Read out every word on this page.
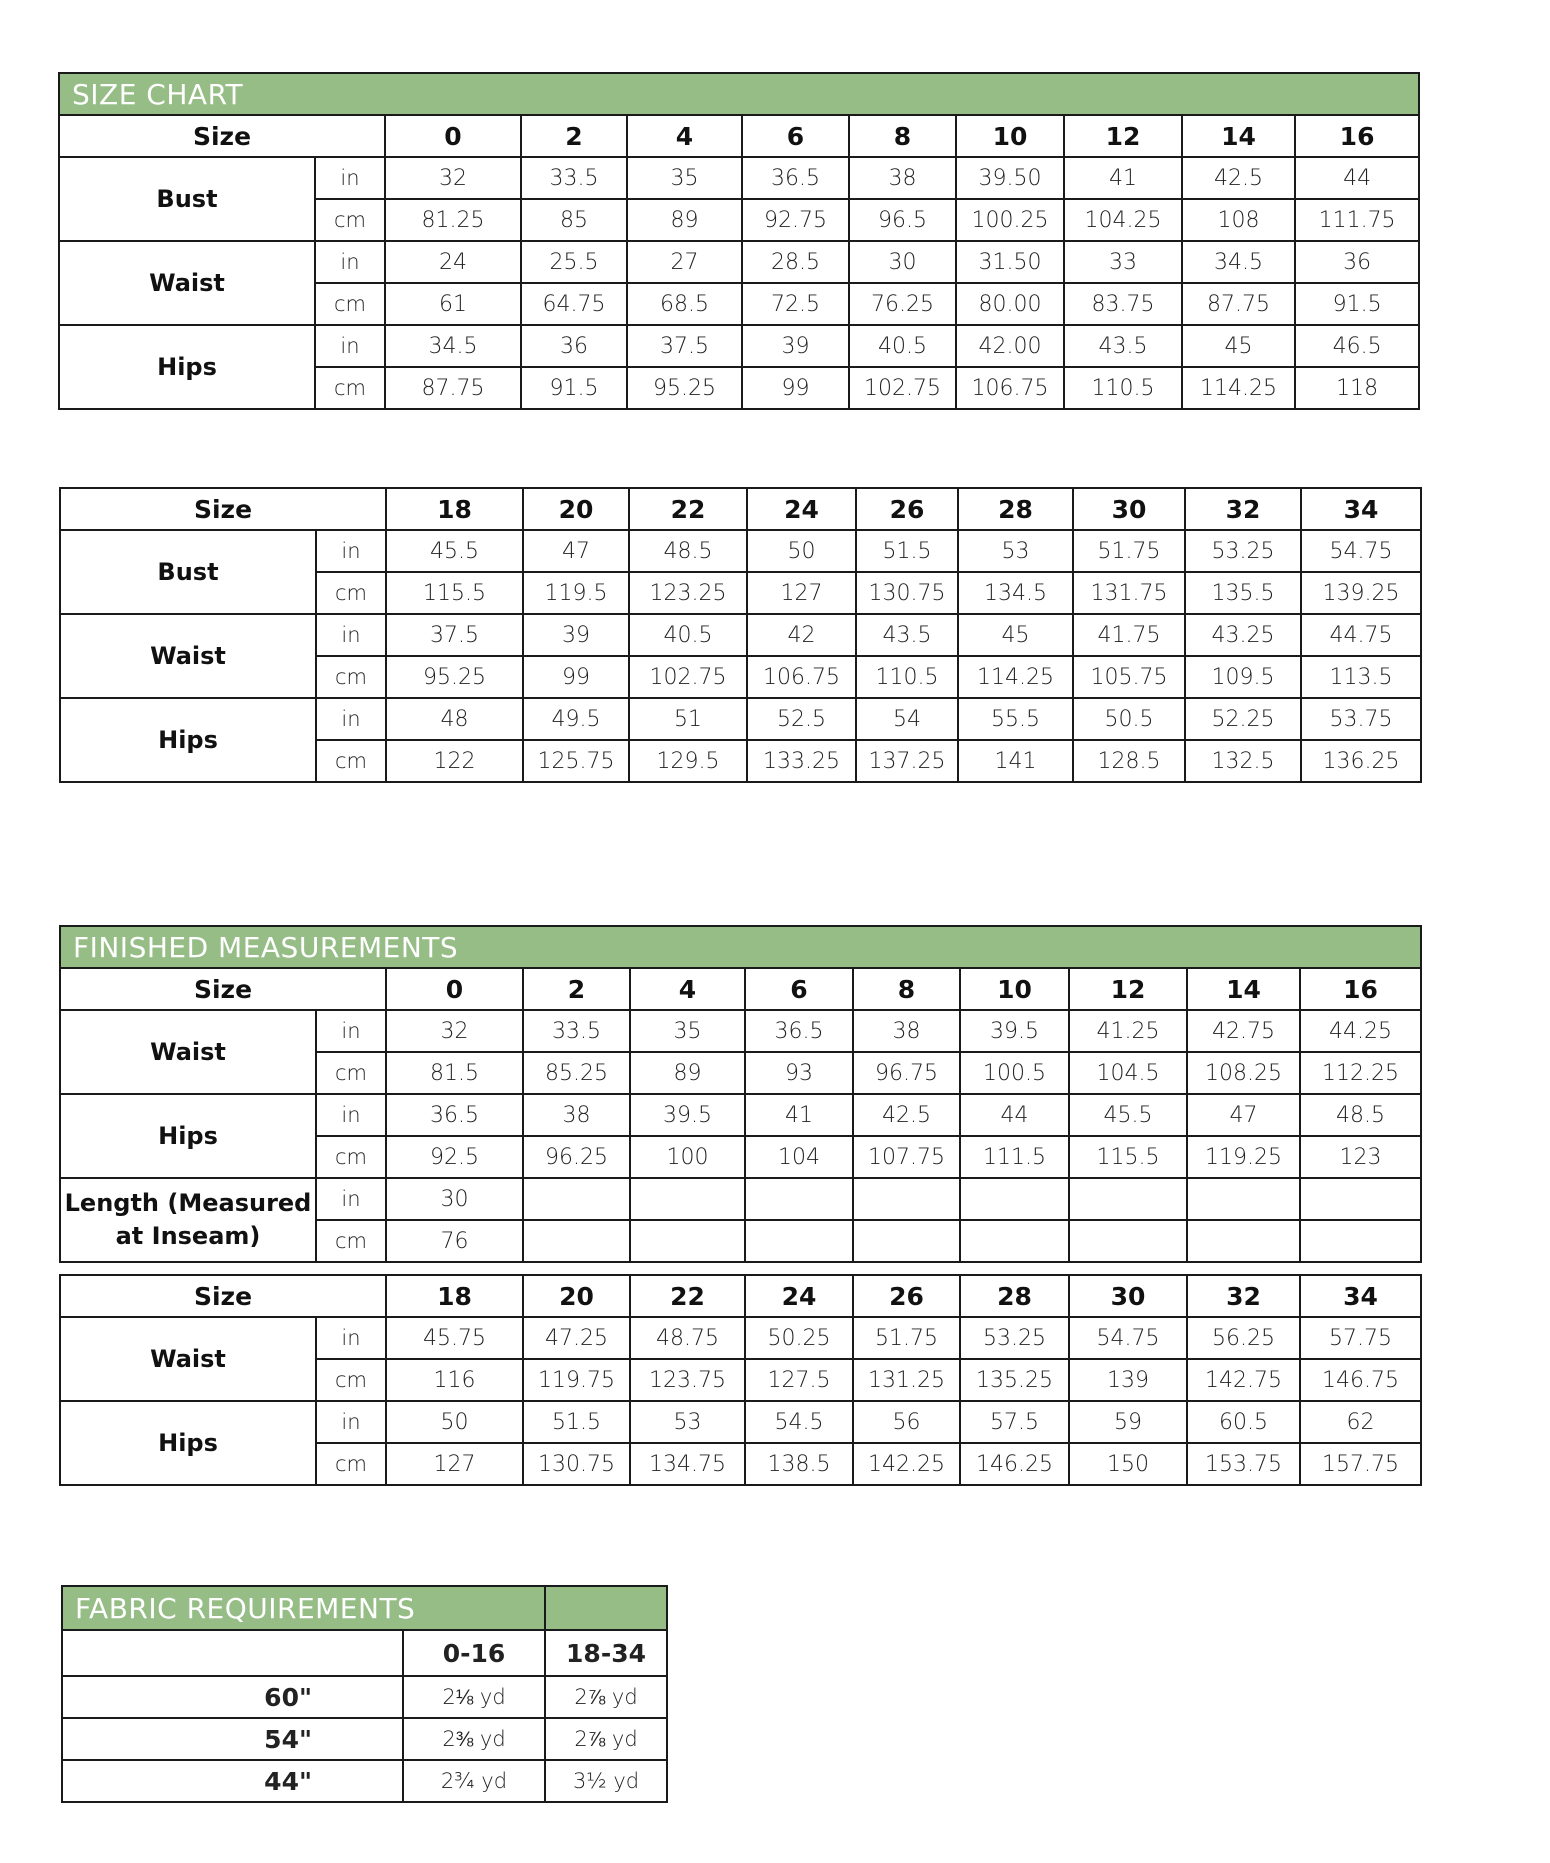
SIZE CHART										
Size		0	2	4	6	8	10	12	14	16
Bust	in	32	33.5	35	36.5	38	39.50	41	42.5	44
	cm	81.25	85	89	92.75	96.5	100.25	104.25	108	111.75
Waist	in	24	25.5	27	28.5	30	31.50	33	34.5	36
	cm	61	64.75	68.5	72.5	76.25	80.00	83.75	87.75	91.5
Hips	in	34.5	36	37.5	39	40.5	42.00	43.5	45	46.5
	cm	87.75	91.5	95.25	99	102.75	106.75	110.5	114.25	118
Size		18	20	22	24	26	28	30	32	34
Bust	in	45.5	47	48.5	50	51.5	53	51.75	53.25	54.75
	cm	115.5	119.5	123.25	127	130.75	134.5	131.75	135.5	139.25
Waist	in	37.5	39	40.5	42	43.5	45	41.75	43.25	44.75
	cm	95.25	99	102.75	106.75	110.5	114.25	105.75	109.5	113.5
Hips	in	48	49.5	51	52.5	54	55.5	50.5	52.25	53.75
	cm	122	125.75	129.5	133.25	137.25	141	128.5	132.5	136.25
FINISHED MEASUREMENTS										
Size		0	2	4	6	8	10	12	14	16
Waist	in	32	33.5	35	36.5	38	39.5	41.25	42.75	44.25
	cm	81.5	85.25	89	93	96.75	100.5	104.5	108.25	112.25
Hips	in	36.5	38	39.5	41	42.5	44	45.5	47	48.5
	cm	92.5	96.25	100	104	107.75	111.5	115.5	119.25	123
Length (Measured at Inseam)	in	30								
	cm	76								
Size		18	20	22	24	26	28	30	32	34
Waist	in	45.75	47.25	48.75	50.25	51.75	53.25	54.75	56.25	57.75
	cm	116	119.75	123.75	127.5	131.25	135.25	139	142.75	146.75
Hips	in	50	51.5	53	54.5	56	57.5	59	60.5	62
	cm	127	130.75	134.75	138.5	142.25	146.25	150	153.75	157.75
FABRIC REQUIREMENTS		
	0-16	18-34
60"	2⅛ yd	2⅞ yd
54"	2⅜ yd	2⅞ yd
44"	2¾ yd	3½ yd
